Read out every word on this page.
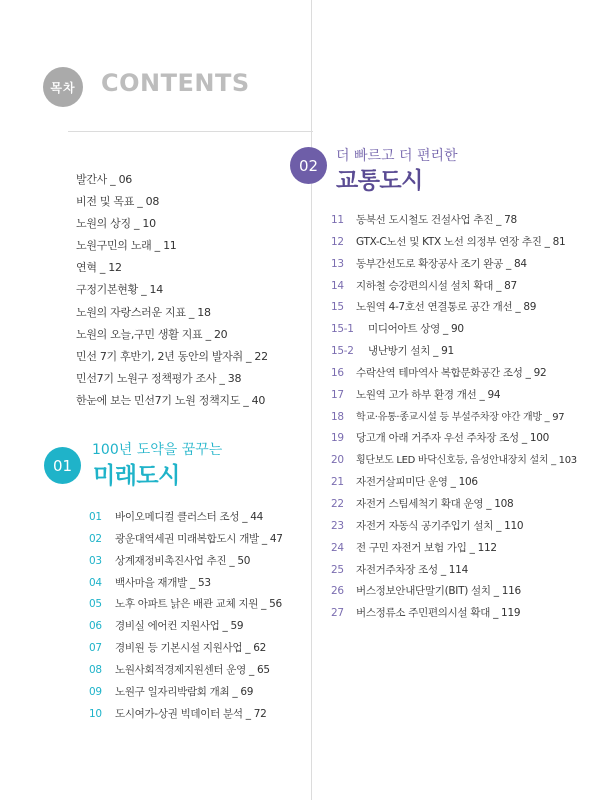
목차 CONTENTS
발간사 _ 06
비전 및 목표 _ 08
노원의 상징 _ 10
노원구민의 노래 _ 11
연혁 _ 12
구정기본현황 _ 14
노원의 자랑스러운 지표 _ 18
노원의 오늘,구민 생활 지표 _ 20
민선 7기 후반기, 2년 동안의 발자취 _ 22
민선7기 노원구 정책평가 조사 _ 38
한눈에 보는 민선7기 노원 정책지도 _ 40
01
100년 도약을 꿈꾸는
미래도시
01	바이오메디컬 클러스터 조성 _ 44
02	광운대역세권 미래복합도시 개발 _ 47
03	상계재정비촉진사업 추진 _ 50
04	백사마을 재개발 _ 53
05	노후 아파트 낡은 배관 교체 지원 _ 56
06	경비실 에어컨 지원사업 _ 59
07	경비원 등 기본시설 지원사업 _ 62
08	노원사회적경제지원센터 운영 _ 65
09	노원구 일자리박람회 개최 _ 69
10	도시여가-상권 빅데이터 분석 _ 72
02
더 빠르고 더 편리한
교통도시
11	동북선 도시철도 건설사업 추진 _ 78
12	GTX-C노선 및 KTX 노선 의정부 연장 추진 _ 81
13	동부간선도로 확장공사 조기 완공 _ 84
14	지하철 승강편의시설 설치 확대 _ 87
15	노원역 4-7호선 연결통로 공간 개선 _ 89
15-1	미디어아트 상영 _ 90
15-2	냉난방기 설치 _ 91
16	수락산역 테마역사 복합문화공간 조성 _ 92
17	노원역 고가 하부 환경 개선 _ 94
18	학교·유통·종교시설 등 부설주차장 야간 개방 _ 97
19	당고개 아래 거주자 우선 주차장 조성 _ 100
20	횡단보도 LED 바닥신호등, 음성안내장치 설치 _ 103
21	자전거살피미단 운영 _ 106
22	자전거 스팀세척기 확대 운영 _ 108
23	자전거 자동식 공기주입기 설치 _ 110
24	전 구민 자전거 보험 가입 _ 112
25	자전거주차장 조성 _ 114
26	버스정보안내단말기(BIT) 설치 _ 116
27	버스정류소 주민편의시설 확대 _ 119
